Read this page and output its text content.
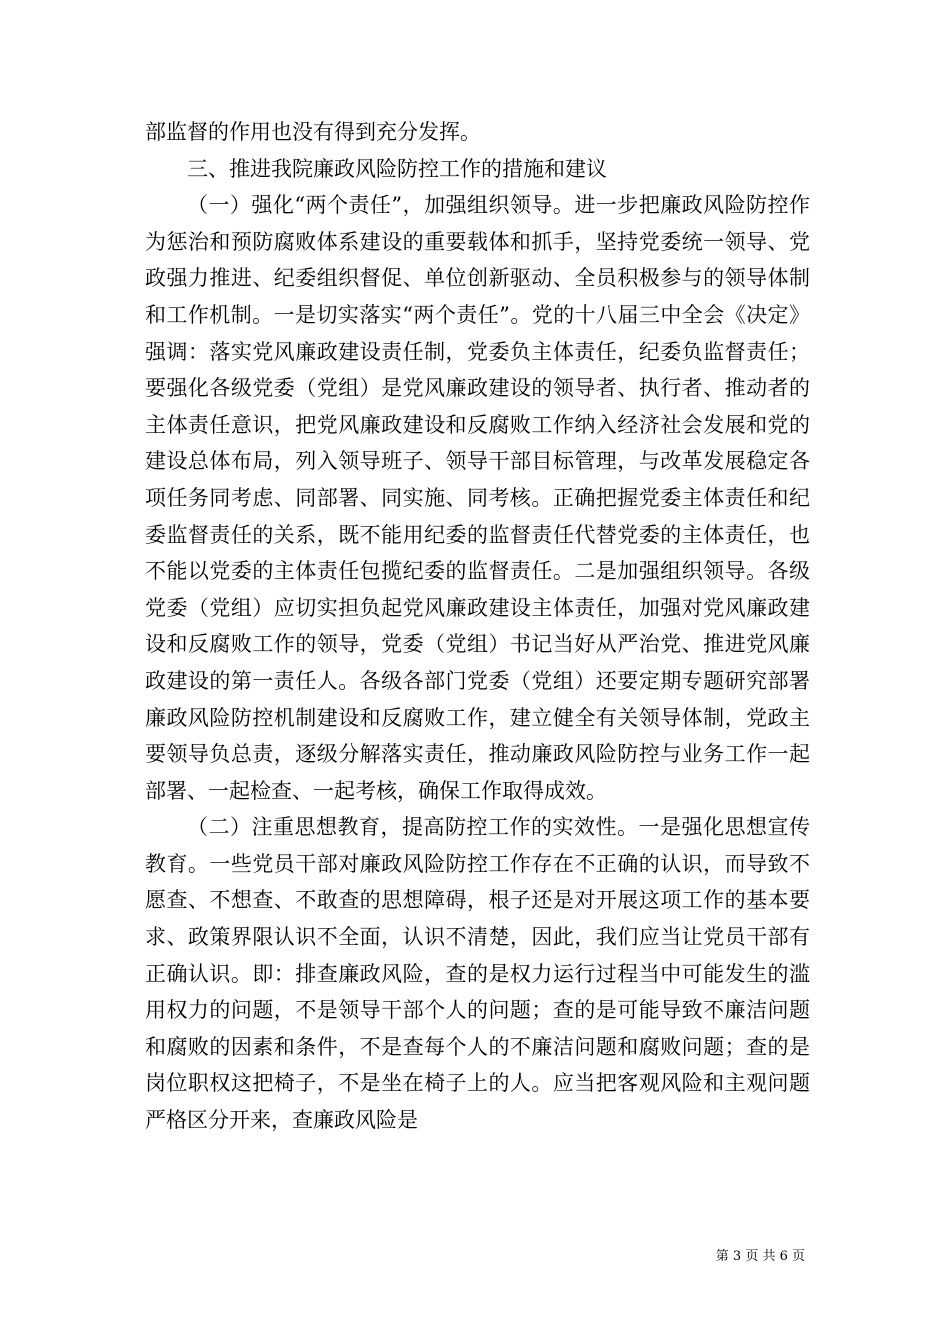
部监督的作用也没有得到充分发挥。

三、推进我院廉政风险防控工作的措施和建议

（一）强化“两个责任”，加强组织领导。进一步把廉政风险防控作为惩治和预防腐败体系建设的重要载体和抓手，坚持党委统一领导、党政强力推进、纪委组织督促、单位创新驱动、全员积极参与的领导体制和工作机制。一是切实落实“两个责任”。党的十八届三中全会《决定》强调：落实党风廉政建设责任制，党委负主体责任，纪委负监督责任；要强化各级党委（党组）是党风廉政建设的领导者、执行者、推动者的主体责任意识，把党风廉政建设和反腐败工作纳入经济社会发展和党的建设总体布局，列入领导班子、领导干部目标管理，与改革发展稳定各项任务同考虑、同部署、同实施、同考核。正确把握党委主体责任和纪委监督责任的关系，既不能用纪委的监督责任代替党委的主体责任，也不能以党委的主体责任包揽纪委的监督责任。二是加强组织领导。各级党委（党组）应切实担负起党风廉政建设主体责任，加强对党风廉政建设和反腐败工作的领导，党委（党组）书记当好从严治党、推进党风廉政建设的第一责任人。各级各部门党委（党组）还要定期专题研究部署廉政风险防控机制建设和反腐败工作，建立健全有关领导体制，党政主要领导负总责，逐级分解落实责任，推动廉政风险防控与业务工作一起部署、一起检查、一起考核，确保工作取得成效。

（二）注重思想教育，提高防控工作的实效性。一是强化思想宣传教育。一些党员干部对廉政风险防控工作存在不正确的认识，而导致不愿查、不想查、不敢查的思想障碍，根子还是对开展这项工作的基本要求、政策界限认识不全面，认识不清楚，因此，我们应当让党员干部有正确认识。即：排查廉政风险，查的是权力运行过程当中可能发生的滥用权力的问题，不是领导干部个人的问题；查的是可能导致不廉洁问题和腐败的因素和条件，不是查每个人的不廉洁问题和腐败问题；查的是岗位职权这把椅子，不是坐在椅子上的人。应当把客观风险和主观问题严格区分开来，查廉政风险是

第 3 页 共 6 页
